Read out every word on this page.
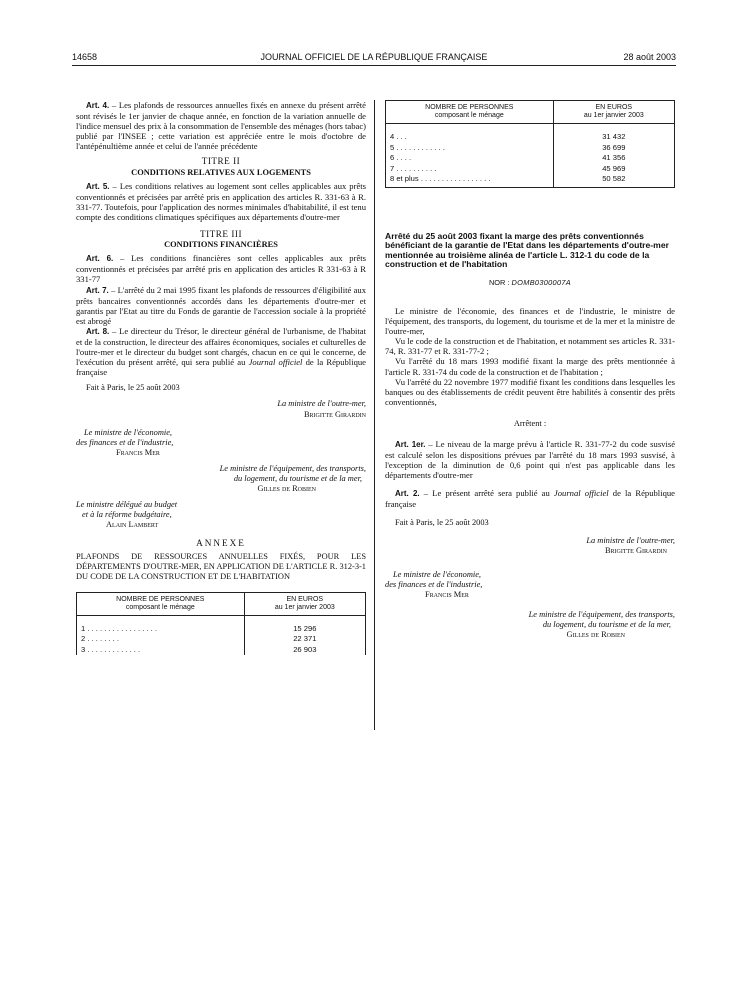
14658	JOURNAL OFFICIEL DE LA RÉPUBLIQUE FRANÇAISE	28 août 2003

Art. 4. – Les plafonds de ressources annuelles fixés en annexe du présent arrêté sont révisés le 1er janvier de chaque année, en fonction de la variation annuelle de l'indice mensuel des prix à la consommation de l'ensemble des ménages (hors tabac) publié par l'INSEE ; cette variation est appréciée entre le mois d'octobre de l'antépénultième année et celui de l'année précédente

TITRE II

CONDITIONS RELATIVES AUX LOGEMENTS

Art. 5. – Les conditions relatives au logement sont celles applicables aux prêts conventionnés et précisées par arrêté pris en application des articles R. 331-63 à R. 331-77. Toutefois, pour l'application des normes minimales d'habitabilité, il est tenu compte des conditions climatiques spécifiques aux départements d'outre-mer

TITRE III

CONDITIONS FINANCIÈRES

Art. 6. – Les conditions financières sont celles applicables aux prêts conventionnés et précisées par arrêté pris en application des articles R 331-63 à R 331-77

Art. 7. – L'arrêté du 2 mai 1995 fixant les plafonds de ressources d'éligibilité aux prêts bancaires conventionnés accordés dans les départements d'outre-mer et garantis par l'Etat au titre du Fonds de garantie de l'accession sociale à la propriété est abrogé

Art. 8. – Le directeur du Trésor, le directeur général de l'urbanisme, de l'habitat et de la construction, le directeur des affaires économiques, sociales et culturelles de l'outre-mer et le directeur du budget sont chargés, chacun en ce qui le concerne, de l'exécution du présent arrêté, qui sera publié au Journal officiel de la République française

Fait à Paris, le 25 août 2003

La ministre de l'outre-mer,

Brigitte Girardin

Le ministre de l'économie,

des finances et de l'industrie,

Francis Mer

Le ministre de l'équipement, des transports,

du logement, du tourisme et de la mer,

Gilles de Robien

Le ministre délégué au budget

et à la réforme budgétaire,

Alain Lambert

ANNEXE

PLAFONDS DE RESSOURCES ANNUELLES FIXÉS, POUR LES DÉPARTEMENTS D'OUTRE-MER, EN APPLICATION DE L'ARTICLE R. 312-3-1 DU CODE DE LA CONSTRUCTION ET DE L'HABITATION

NOMBRE DE PERSONNES
composant le ménage	EN EUROS
au 1er janvier 2003

1 . . . . . . . . . . . . . . . . .	15 296
2 . . . . . . . .	22 371
3 . . . . . . . . . . . . .	26 903
NOMBRE DE PERSONNES
composant le ménage	EN EUROS
au 1er janvier 2003

4 . . .	31 432
5 . . . . . . . . . . . .	36 699
6 . . . .	41 356
7 . . . . . . . . . .	45 969
8 et plus . . . . . . . . . . . . . . . . .	50 582

Arrêté du 25 août 2003 fixant la marge des prêts conventionnés bénéficiant de la garantie de l'Etat dans les départements d'outre-mer mentionnée au troisième alinéa de l'article L. 312-1 du code de la construction et de l'habitation

NOR : DOMB0300007A

Le ministre de l'économie, des finances et de l'industrie, le ministre de l'équipement, des transports, du logement, du tourisme et de la mer et la ministre de l'outre-mer,

Vu le code de la construction et de l'habitation, et notamment ses articles R. 331-74, R. 331-77 et R. 331-77-2 ;

Vu l'arrêté du 18 mars 1993 modifié fixant la marge des prêts mentionnée à l'article R. 331-74 du code de la construction et de l'habitation ;

Vu l'arrêté du 22 novembre 1977 modifié fixant les conditions dans lesquelles les banques ou des établissements de crédit peuvent être habilités à consentir des prêts conventionnés,

Arrêtent :

Art. 1er. – Le niveau de la marge prévu à l'article R. 331-77-2 du code susvisé est calculé selon les dispositions prévues par l'arrêté du 18 mars 1993 susvisé, à l'exception de la diminution de 0,6 point qui n'est pas applicable dans les départements d'outre-mer

Art. 2. – Le présent arrêté sera publié au Journal officiel de la République française

Fait à Paris, le 25 août 2003

La ministre de l'outre-mer,

Brigitte Girardin

Le ministre de l'économie,

des finances et de l'industrie,

Francis Mer

Le ministre de l'équipement, des transports,

du logement, du tourisme et de la mer,

Gilles de Robien
